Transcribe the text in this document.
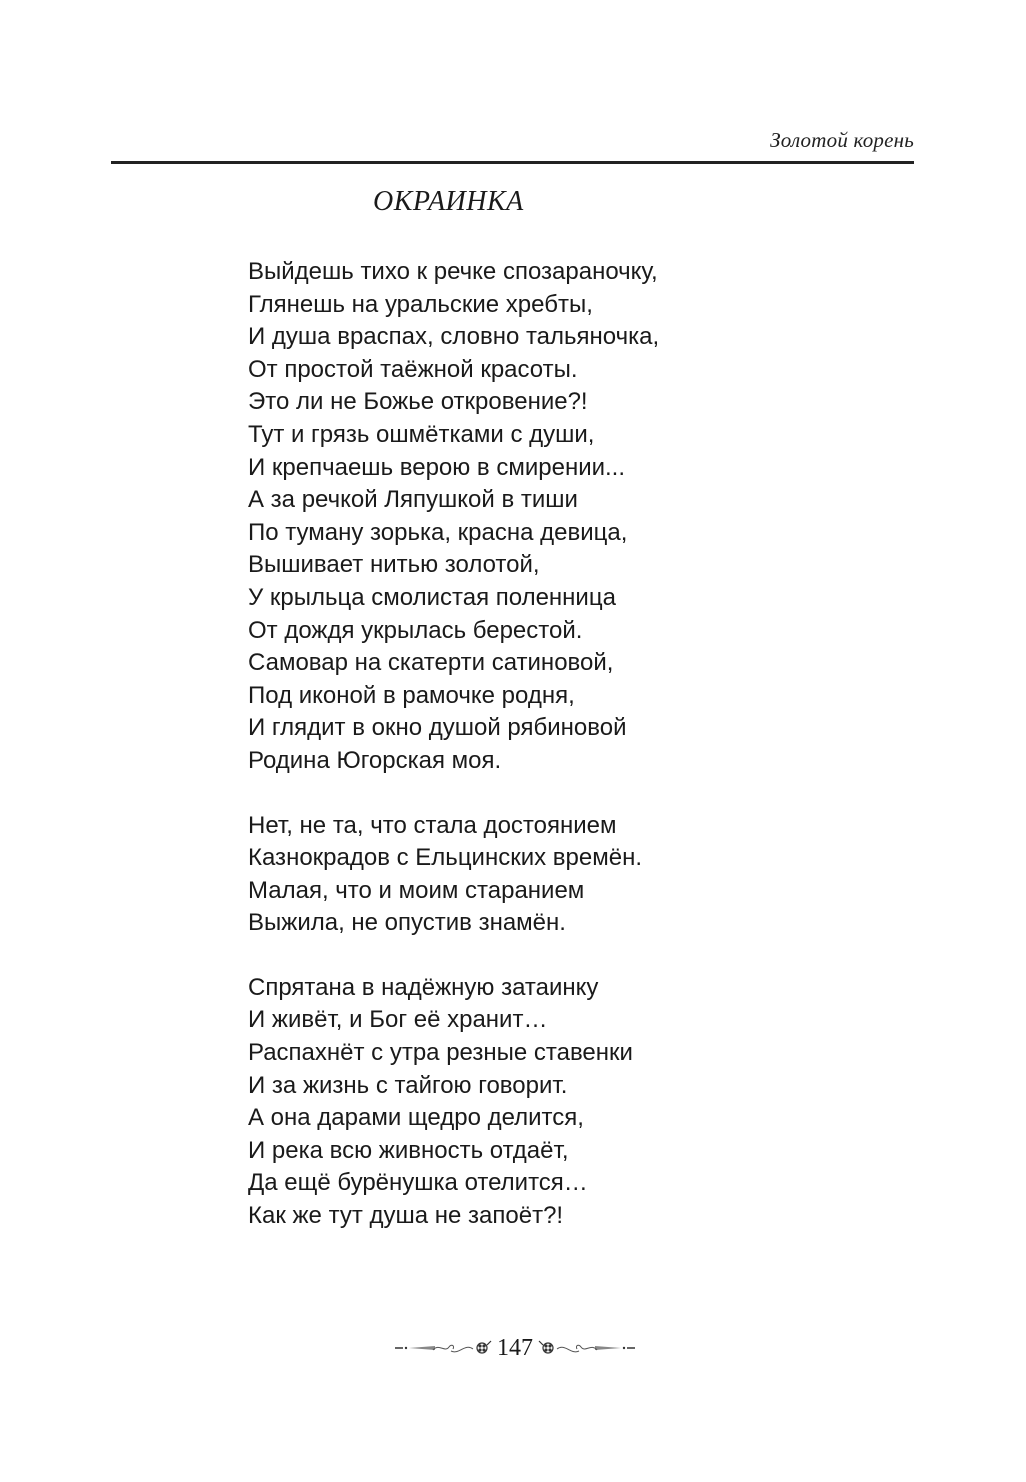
Золотой корень
ОКРАИНКА
Выйдешь тихо к речке спозараночку,
Глянешь на уральские хребты,
И душа враспах, словно тальяночка,
От простой таёжной красоты.
Это ли не Божье откровение?!
Тут и грязь ошмётками с души,
И крепчаешь верою в смирении...
А за речкой Ляпушкой в тиши
По туману зорька, красна девица,
Вышивает нитью золотой,
У крыльца смолистая поленница
От дождя укрылась берестой.
Самовар на скатерти сатиновой,
Под иконой в рамочке родня,
И глядит в окно душой рябиновой
Родина Югорская моя.
Нет, не та, что стала достоянием
Казнокрадов с Ельцинских времён.
Малая, что и моим старанием
Выжила, не опустив знамён.
Спрятана в надёжную затаинку
И живёт, и Бог её хранит…
Распахнёт с утра резные ставенки
И за жизнь с тайгою говорит.
А она дарами щедро делится,
И река всю живность отдаёт,
Да ещё бурёнушка отелится…
Как же тут душа не запоёт?!
147
